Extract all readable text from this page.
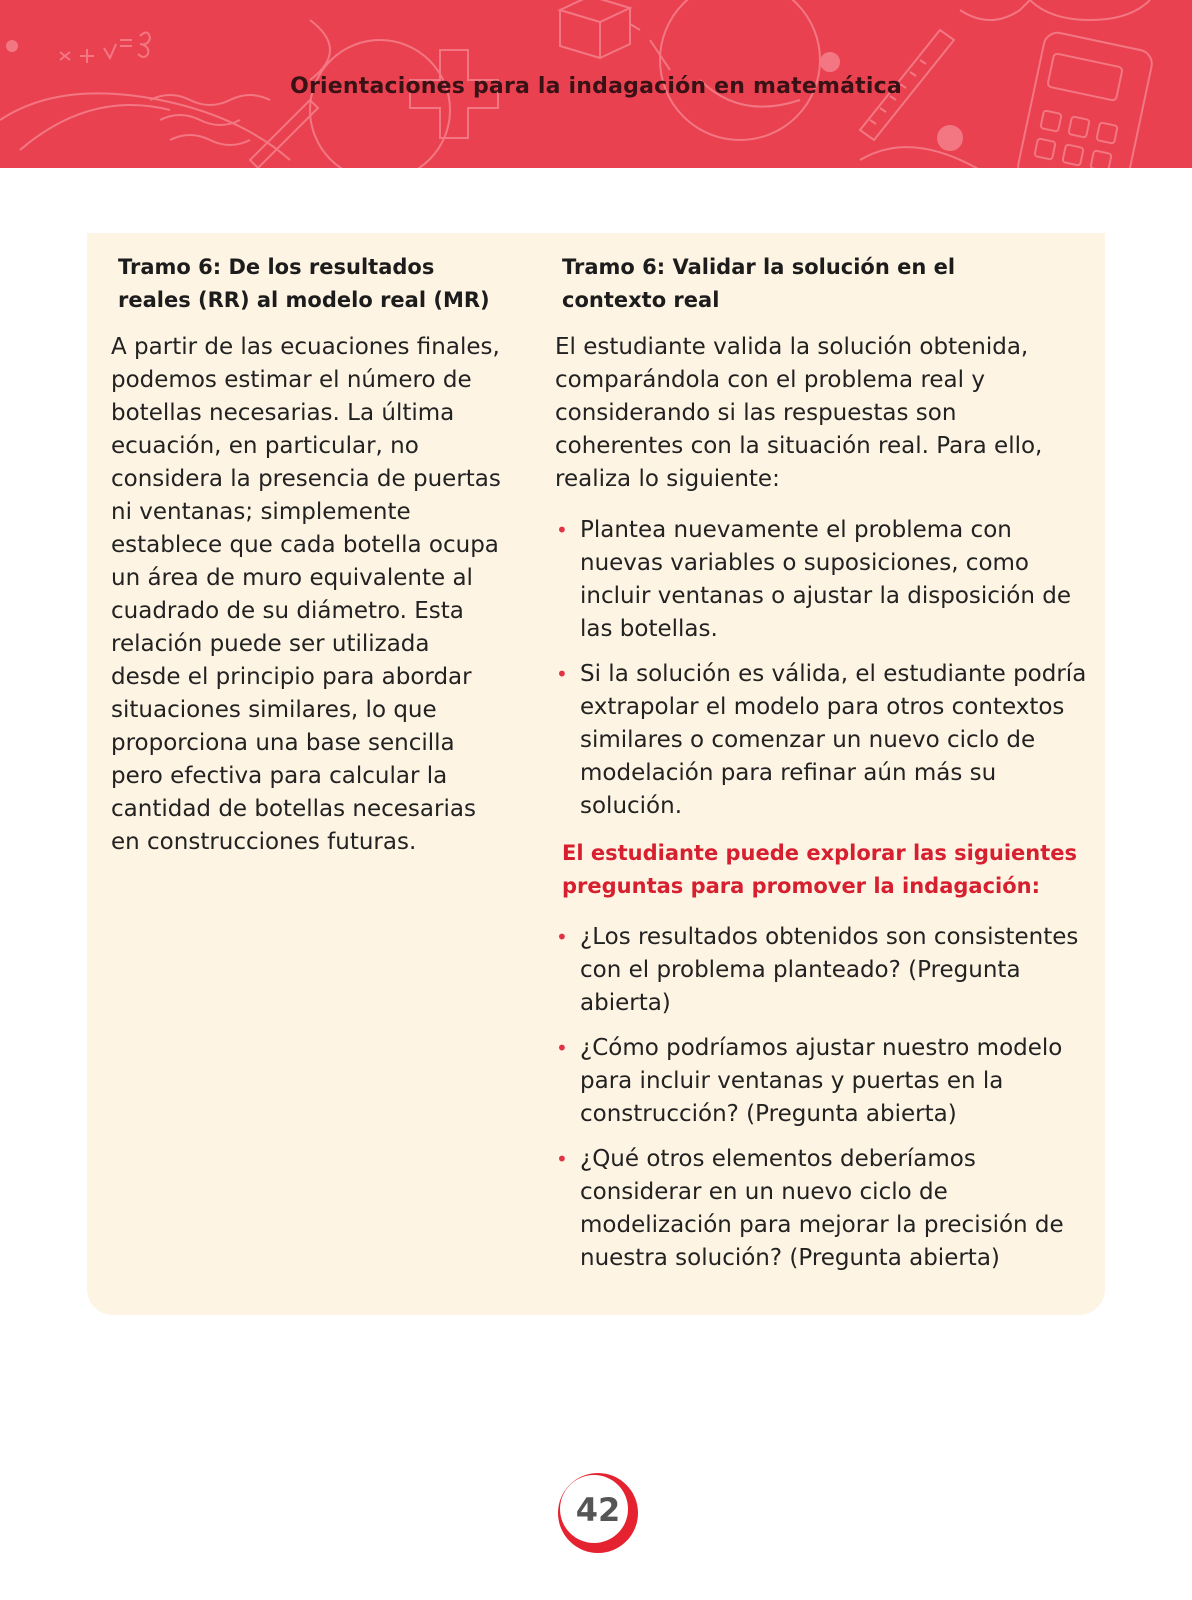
Orientaciones para la indagación en matemática
Tramo 6: De los resultados reales (RR) al modelo real (MR)

A partir de las ecuaciones finales, podemos estimar el número de botellas necesarias. La última ecuación, en particular, no considera la presencia de puertas ni ventanas; simplemente establece que cada botella ocupa un área de muro equivalente al cuadrado de su diámetro. Esta relación puede ser utilizada desde el principio para abordar situaciones similares, lo que proporciona una base sencilla pero efectiva para calcular la cantidad de botellas necesarias en construcciones futuras.

Tramo 6: Validar la solución en el contexto real

El estudiante valida la solución obtenida, comparándola con el problema real y considerando si las respuestas son coherentes con la situación real. Para ello, realiza lo siguiente:

• Plantea nuevamente el problema con nuevas variables o suposiciones, como incluir ventanas o ajustar la disposición de las botellas.
• Si la solución es válida, el estudiante podría extrapolar el modelo para otros contextos similares o comenzar un nuevo ciclo de modelación para refinar aún más su solución.
El estudiante puede explorar las siguientes preguntas para promover la indagación:
• ¿Los resultados obtenidos son consistentes con el problema planteado? (Pregunta abierta)
• ¿Cómo podríamos ajustar nuestro modelo para incluir ventanas y puertas en la construcción? (Pregunta abierta)
• ¿Qué otros elementos deberíamos considerar en un nuevo ciclo de modelización para mejorar la precisión de nuestra solución? (Pregunta abierta)
42
